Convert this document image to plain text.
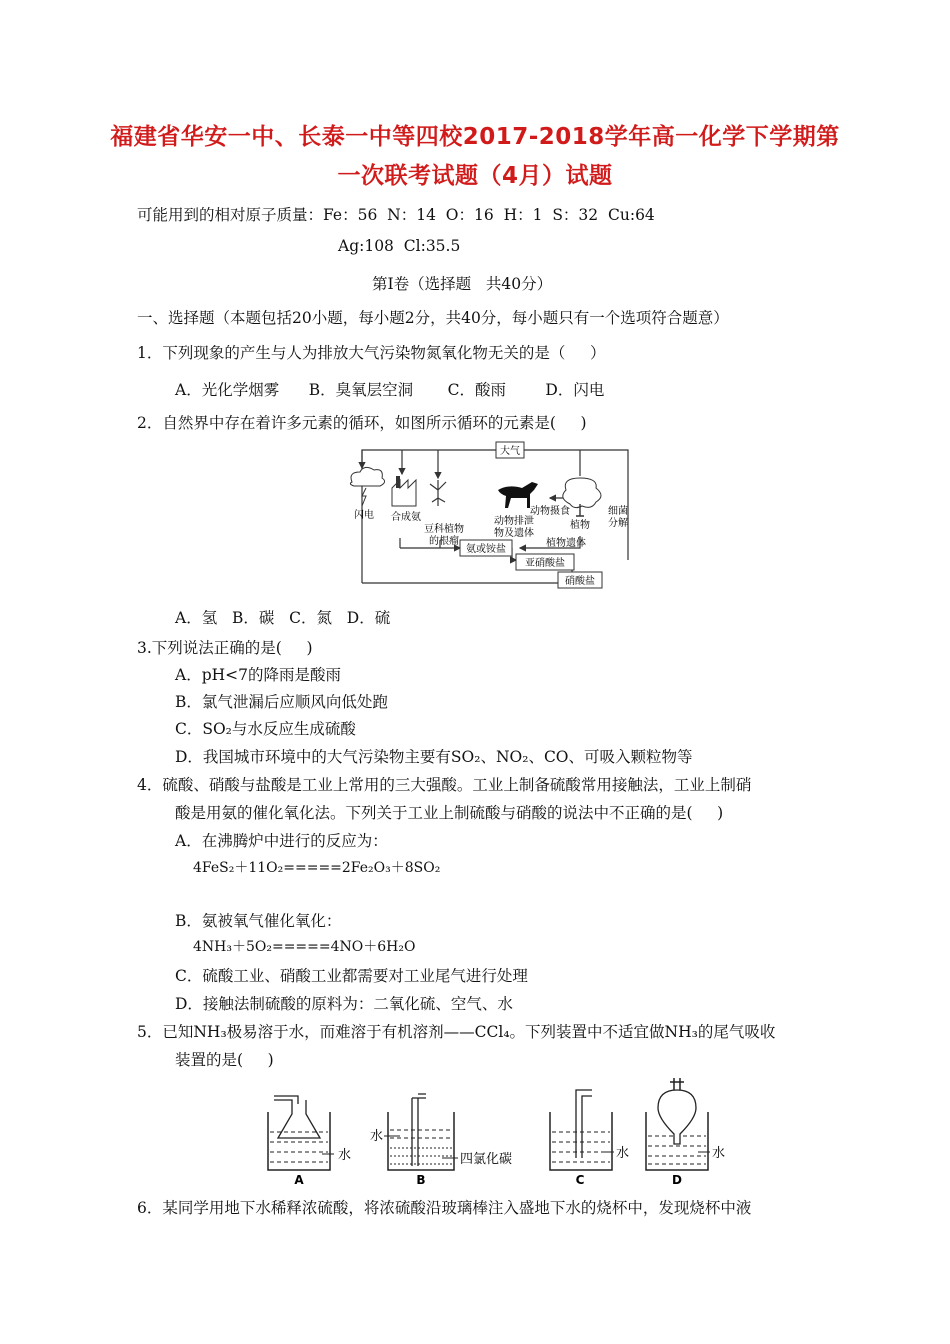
福建省华安一中、长泰一中等四校2017-2018学年高一化学下学期第
一次联考试题（4月）试题
可能用到的相对原子质量：Fe：56  N：14  O：16  H：1  S：32  Cu:64
Ag:108  Cl:35.5
第Ⅰ卷（选择题   共40分）
一、选择题（本题包括20小题，每小题2分，共40分，每小题只有一个选项符合题意）
1．下列现象的产生与人为排放大气污染物氮氧化物无关的是（     ）
A．光化学烟雾      B．臭氧层空洞       C．酸雨        D．闪电
2．自然界中存在着许多元素的循环，如图所示循环的元素是(     )
大气
闪电 合成氨
豆科植物
的根瘤
动物排泄
物及遗体
动物摄食
植物
细菌
分解
植物遗体
氨或铵盐
亚硝酸盐
硝酸盐
A．氢   B．碳   C．氮   D．硫
3.下列说法正确的是(     )
A．pH<7的降雨是酸雨
B．氯气泄漏后应顺风向低处跑
C．SO₂与水反应生成硫酸
D．我国城市环境中的大气污染物主要有SO₂、NO₂、CO、可吸入颗粒物等
4．硫酸、硝酸与盐酸是工业上常用的三大强酸。工业上制备硫酸常用接触法，工业上制硝
酸是用氨的催化氧化法。下列关于工业上制硫酸与硝酸的说法中不正确的是(     )
A．在沸腾炉中进行的反应为：
4FeS₂＋11O₂=====2Fe₂O₃＋8SO₂
B．氨被氧气催化氧化：
4NH₃＋5O₂=====4NO＋6H₂O
C．硫酸工业、硝酸工业都需要对工业尾气进行处理
D．接触法制硫酸的原料为：二氧化硫、空气、水
5．已知NH₃极易溶于水，而难溶于有机溶剂——CCl₄。下列装置中不适宜做NH₃的尾气吸收
装置的是(     )
水
A
水
四氯化碳
B
水
C
水
D
6．某同学用地下水稀释浓硫酸，将浓硫酸沿玻璃棒注入盛地下水的烧杯中，发现烧杯中液
